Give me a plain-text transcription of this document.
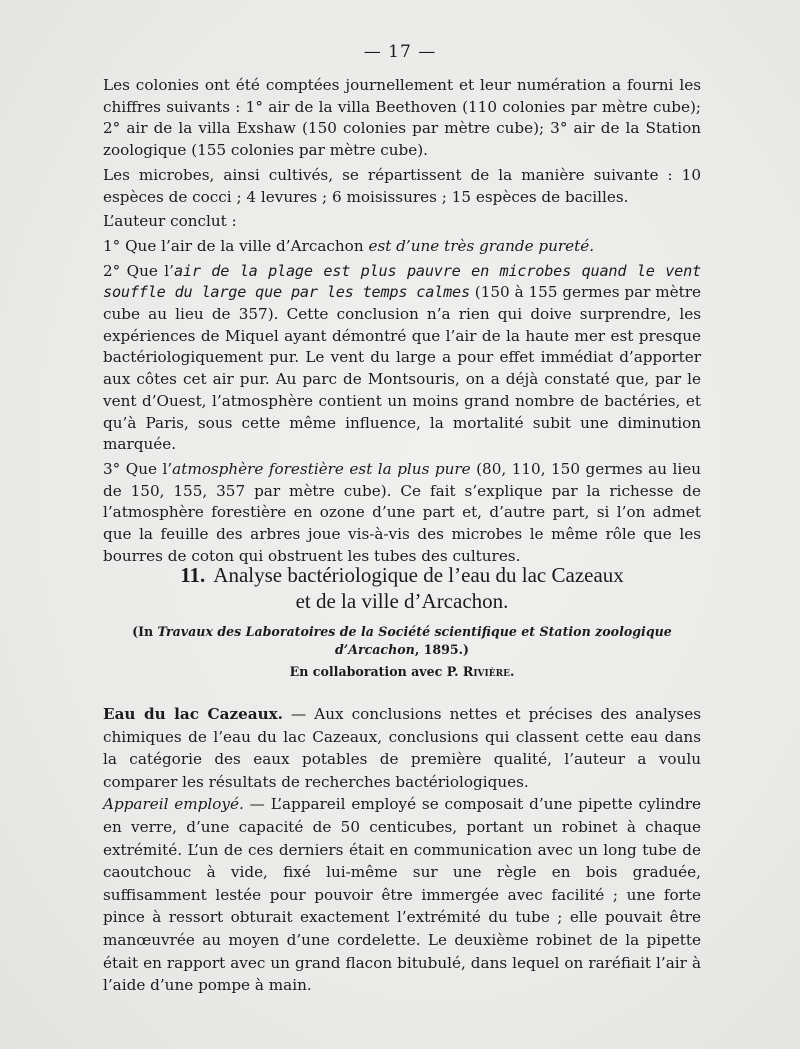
— 17 —

Les colonies ont été comptées journellement et leur numération a fourni les chiffres suivants : 1° air de la villa Beethoven (110 colonies par mètre cube); 2° air de la villa Exshaw (150 colonies par mètre cube); 3° air de la Station zoologique (155 colonies par mètre cube).

Les microbes, ainsi cultivés, se répartissent de la manière suivante : 10 espèces de cocci ; 4 levures ; 6 moisissures ; 15 espèces de bacilles.

L’auteur conclut :

1° Que l’air de la ville d’Arcachon est d’une très grande pureté.

2° Que l’air de la plage est plus pauvre en microbes quand le vent souffle du large que par les temps calmes (150 à 155 germes par mètre cube au lieu de 357). Cette conclusion n’a rien qui doive surprendre, les expériences de Miquel ayant démontré que l’air de la haute mer est presque bactériologiquement pur. Le vent du large a pour effet immédiat d’apporter aux côtes cet air pur. Au parc de Montsouris, on a déjà constaté que, par le vent d’Ouest, l’atmosphère contient un moins grand nombre de bactéries, et qu’à Paris, sous cette même influence, la mortalité subit une diminution marquée.

3° Que l’atmosphère forestière est la plus pure (80, 110, 150 germes au lieu de 150, 155, 357 par mètre cube). Ce fait s’explique par la richesse de l’atmosphère forestière en ozone d’une part et, d’autre part, si l’on admet que la feuille des arbres joue vis-à-vis des microbes le même rôle que les bourres de coton qui obstruent les tubes des cultures.

11. Analyse bactériologique de l’eau du lac Cazeaux
et de la ville d’Arcachon.
(In Travaux des Laboratoires de la Société scientifique et Station zoologique d’Arcachon, 1895.)
En collaboration avec P. Rivière.

Eau du lac Cazeaux. — Aux conclusions nettes et précises des analyses chimiques de l’eau du lac Cazeaux, conclusions qui classent cette eau dans la catégorie des eaux potables de première qualité, l’auteur a voulu comparer les résultats de recherches bactériologiques.

Appareil employé. — L’appareil employé se composait d’une pipette cylindre en verre, d’une capacité de 50 centicubes, portant un robinet à chaque extrémité. L’un de ces derniers était en communication avec un long tube de caoutchouc à vide, fixé lui-même sur une règle en bois graduée, suffisamment lestée pour pouvoir être immergée avec facilité ; une forte pince à ressort obturait exactement l’extrémité du tube ; elle pouvait être manœuvrée au moyen d’une cordelette. Le deuxième robinet de la pipette était en rapport avec un grand flacon bitubulé, dans lequel on raréfiait l’air à l’aide d’une pompe à main.
